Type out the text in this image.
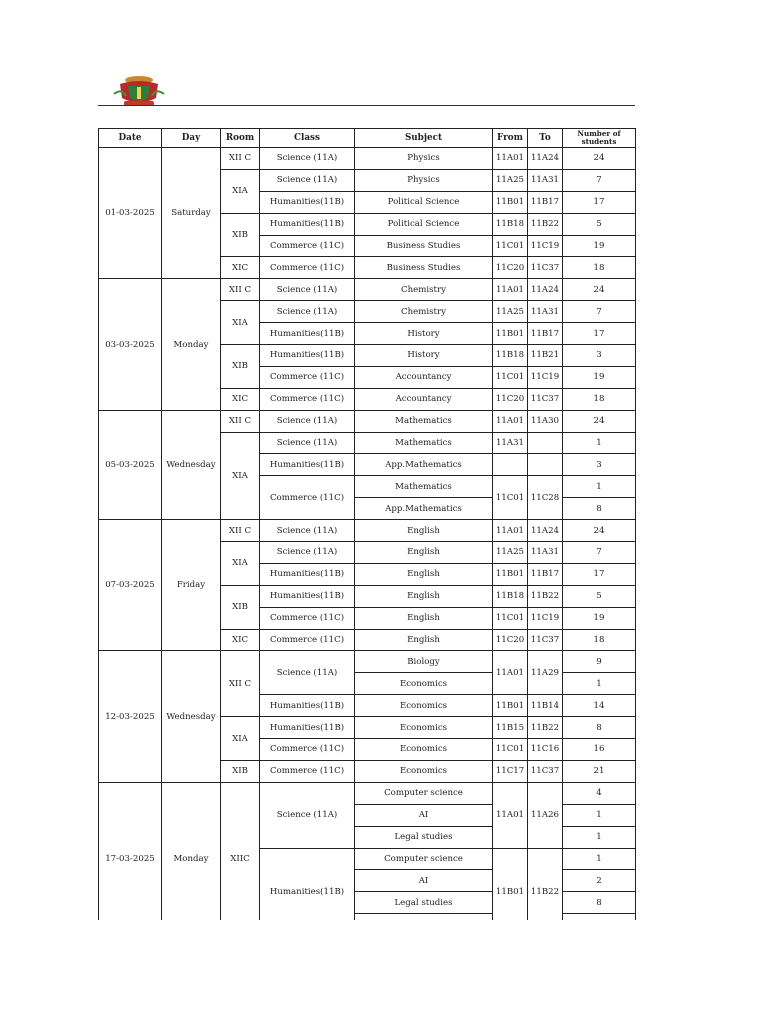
Date	Day	Room	Class	Subject	From	To	Number of students
01-03-2025	Saturday	XII C	Science (11A)	Physics	11A01	11A24	24
		XIA	Science (11A)	Physics	11A25	11A31	7
			Humanities(11B)	Political Science	11B01	11B17	17
		XIB	Humanities(11B)	Political Science	11B18	11B22	5
			Commerce (11C)	Business Studies	11C01	11C19	19
		XIC	Commerce (11C)	Business Studies	11C20	11C37	18
03-03-2025	Monday	XII C	Science (11A)	Chemistry	11A01	11A24	24
		XIA	Science (11A)	Chemistry	11A25	11A31	7
			Humanities(11B)	History	11B01	11B17	17
		XIB	Humanities(11B)	History	11B18	11B21	3
			Commerce (11C)	Accountancy	11C01	11C19	19
		XIC	Commerce (11C)	Accountancy	11C20	11C37	18
05-03-2025	Wednesday	XII C	Science (11A)	Mathematics	11A01	11A30	24
		XIA	Science (11A)	Mathematics	11A31		1
			Humanities(11B)	App.Mathematics			3
			Commerce (11C)	Mathematics	11C01	11C28	1
				App.Mathematics			8
07-03-2025	Friday	XII C	Science (11A)	English	11A01	11A24	24
		XIA	Science (11A)	English	11A25	11A31	7
			Humanities(11B)	English	11B01	11B17	17
		XIB	Humanities(11B)	English	11B18	11B22	5
			Commerce (11C)	English	11C01	11C19	19
		XIC	Commerce (11C)	English	11C20	11C37	18
12-03-2025	Wednesday	XII C	Science (11A)	Biology	11A01	11A29	9
				Economics			1
			Humanities(11B)	Economics	11B01	11B14	14
		XIA	Humanities(11B)	Economics	11B15	11B22	8
			Commerce (11C)	Economics	11C01	11C16	16
		XIB	Commerce (11C)	Economics	11C17	11C37	21
17-03-2025	Monday	XIIC	Science (11A)	Computer science	11A01	11A26	4
				AI			1
				Legal studies			1
			Humanities(11B)	Computer science	11B01	11B22	1
				AI			2
				Legal studies			8
